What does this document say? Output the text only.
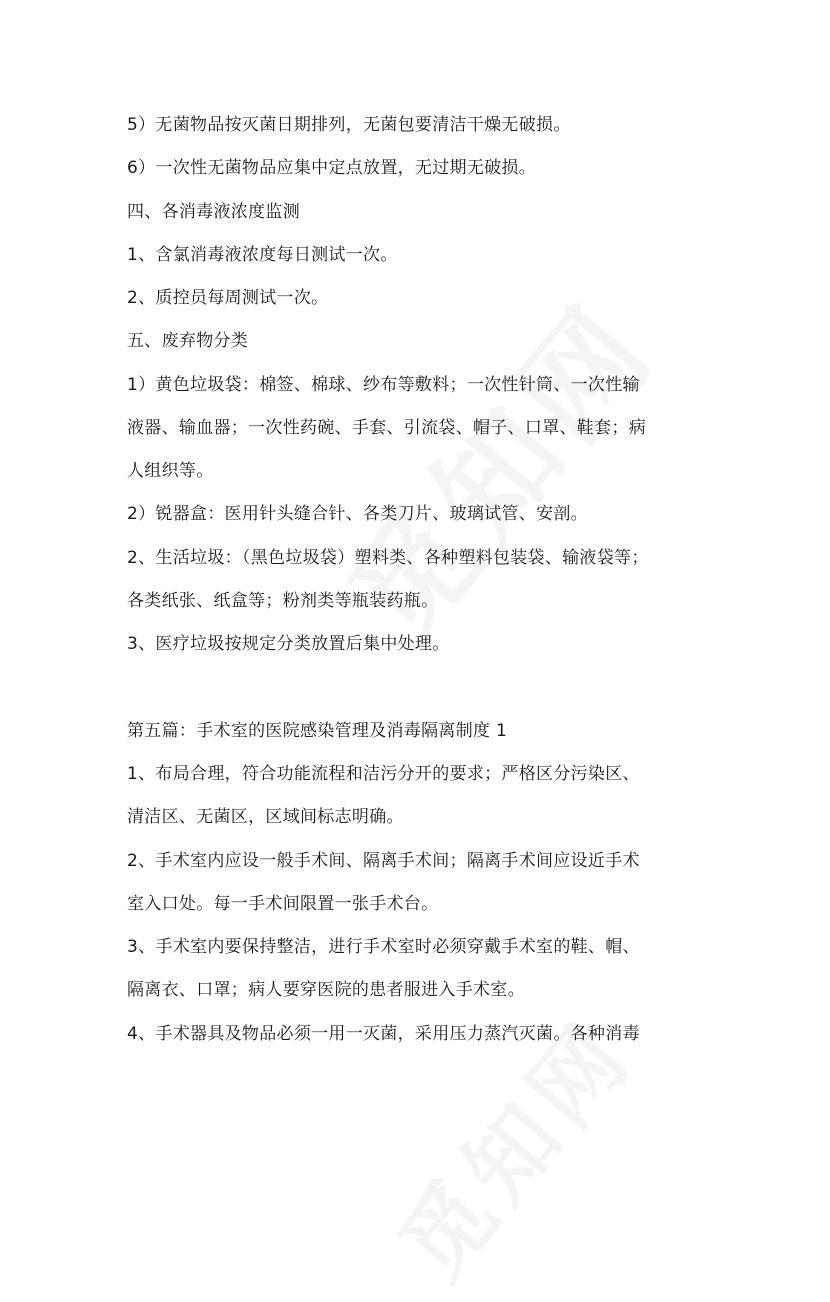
5）无菌物品按灭菌日期排列，无菌包要清洁干燥无破损。
6）一次性无菌物品应集中定点放置，无过期无破损。
四、各消毒液浓度监测
1、含氯消毒液浓度每日测试一次。
2、质控员每周测试一次。
五、废弃物分类
1）黄色垃圾袋：棉签、棉球、纱布等敷料；一次性针筒、一次性输
液器、输血器；一次性药碗、手套、引流袋、帽子、口罩、鞋套；病
人组织等。
2）锐器盒：医用针头缝合针、各类刀片、玻璃试管、安剖。
2、生活垃圾：（黑色垃圾袋）塑料类、各种塑料包装袋、输液袋等；
各类纸张、纸盒等；粉剂类等瓶装药瓶。
3、医疗垃圾按规定分类放置后集中处理。
第五篇：手术室的医院感染管理及消毒隔离制度 1
1、布局合理，符合功能流程和洁污分开的要求；严格区分污染区、
清洁区、无菌区，区域间标志明确。
2、手术室内应设一般手术间、隔离手术间；隔离手术间应设近手术
室入口处。每一手术间限置一张手术台。
3、手术室内要保持整洁，进行手术室时必须穿戴手术室的鞋、帽、
隔离衣、口罩；病人要穿医院的患者服进入手术室。
4、手术器具及物品必须一用一灭菌，采用压力蒸汽灭菌。各种消毒
